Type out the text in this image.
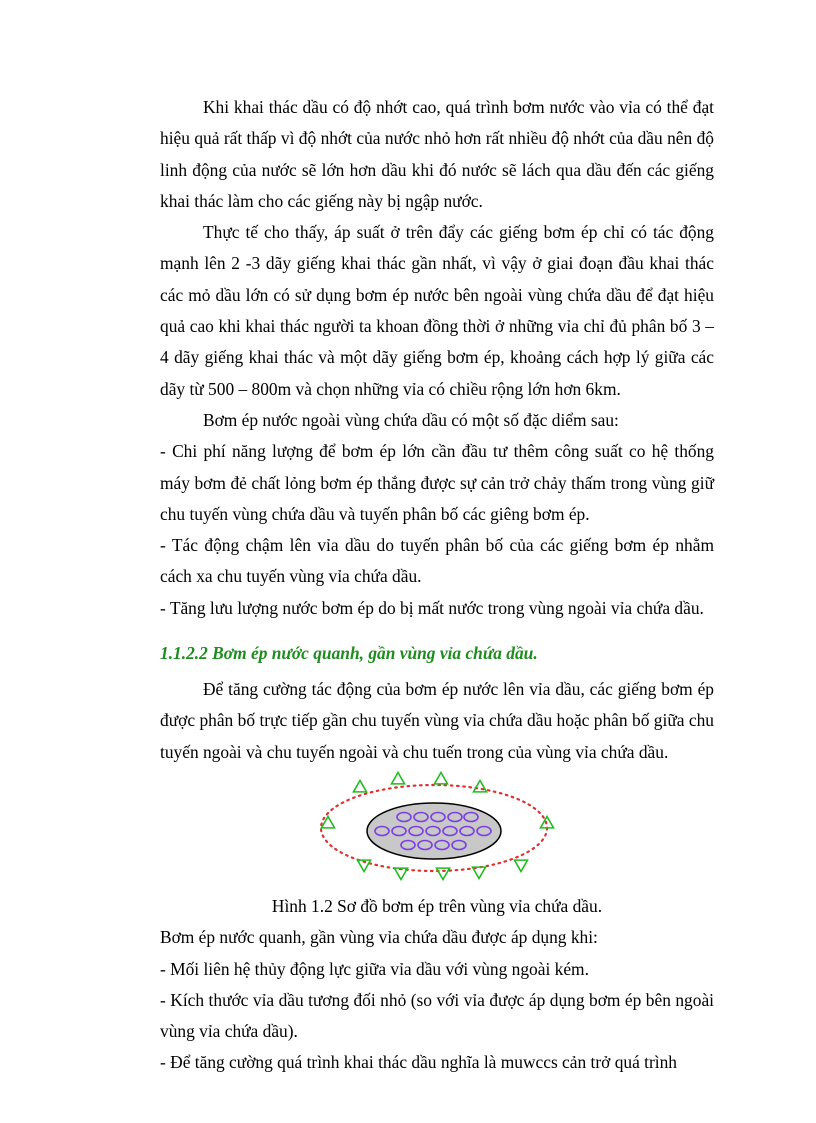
Khi khai thác dầu có độ nhớt cao, quá trình bơm nước vào vỉa có thể đạt hiệu quả rất thấp vì độ nhớt của nước nhỏ hơn rất nhiều độ nhớt của dầu nên độ linh động của nước sẽ lớn hơn dầu khi đó nước sẽ lách qua dầu đến các giếng khai thác làm cho các giếng này bị ngập nước.

Thực tế cho thấy, áp suất ở trên đẩy các giếng bơm ép chỉ có tác động mạnh lên 2 -3 dãy giếng khai thác gần nhất, vì vậy ở giai đoạn đầu khai thác các mỏ dầu lớn có sử dụng bơm ép nước bên ngoài vùng chứa dầu để đạt hiệu quả cao khi khai thác người ta khoan đồng thời ở những vỉa chỉ đủ phân bố 3 – 4 dãy giếng khai thác và một dãy giếng bơm ép, khoảng cách hợp lý giữa các dãy từ 500 – 800m và chọn những vỉa có chiều rộng lớn hơn 6km.

Bơm ép nước ngoài vùng chứa dầu có một số đặc diểm sau:

- Chi phí năng lượng để bơm ép lớn cần đầu tư thêm công suất co hệ thống máy bơm đẻ chất lỏng bơm ép thắng được sự cản trở chảy thấm trong vùng giữ chu tuyến vùng chứa dầu và tuyến phân bố các giêng bơm ép.

- Tác động chậm lên vỉa dầu do tuyến phân bố của các giếng bơm ép nhằm cách xa chu tuyến vùng vỉa chứa dầu.

- Tăng lưu lượng nước bơm ép do bị mất nước trong vùng ngoài vỉa chứa dầu.

1.1.2.2 Bơm ép nước quanh, gần vùng vỉa chứa dầu.

Để tăng cường tác động của bơm ép nước lên vỉa dầu, các giếng bơm ép được phân bố trực tiếp gần chu tuyến vùng vỉa chứa dầu hoặc phân bố giữa chu tuyến ngoài và chu tuyến ngoài và chu tuến trong của vùng vỉa chứa dầu.

Hình 1.2 Sơ đồ bơm ép trên vùng vỉa chứa dầu.

Bơm ép nước quanh, gần vùng vỉa chứa dầu được áp dụng khi:

- Mối liên hệ thủy động lực giữa vỉa dầu với vùng ngoài kém.

- Kích thước vỉa dầu tương đối nhỏ (so với vỉa được áp dụng bơm ép bên ngoài vùng vỉa chứa dầu).

- Để tăng cường quá trình khai thác dầu nghĩa là muwccs cản trở quá trình
